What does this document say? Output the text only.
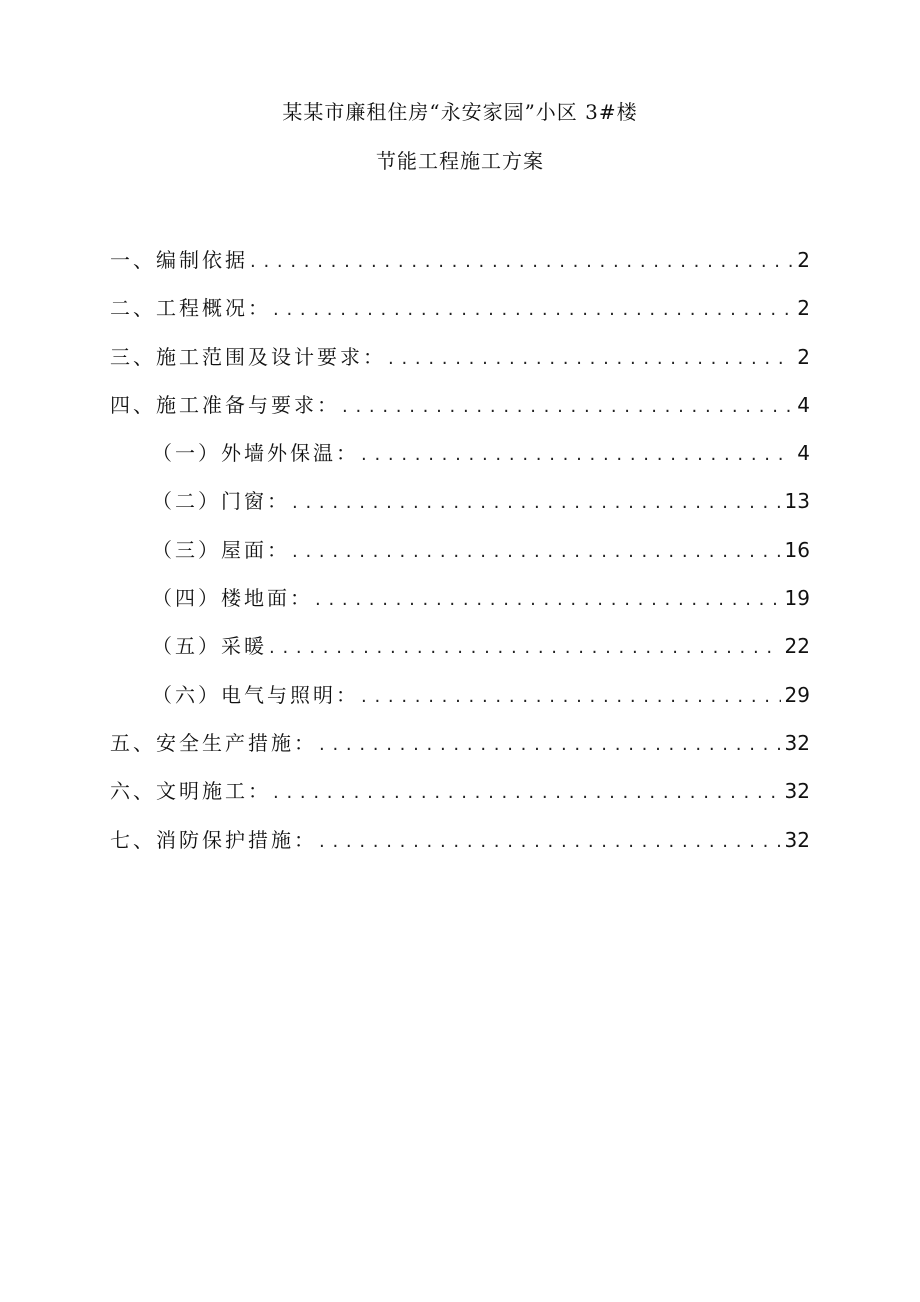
某某市廉租住房“永安家园”小区 3#楼
节能工程施工方案
一、编制依据 . . .	2
二、工程概况： . . .	2
三、施工范围及设计要求： . . .	2
四、施工准备与要求： . . .	4
（一）外墙外保温： . . .	4
（二）门窗： . . .	13
（三）屋面： . . .	16
（四）楼地面： . . .	19
（五）采暖 . . .	22
（六）电气与照明： . . .	29
五、安全生产措施： . . .	32
六、文明施工： . . .	32
七、消防保护措施： . . .	32
